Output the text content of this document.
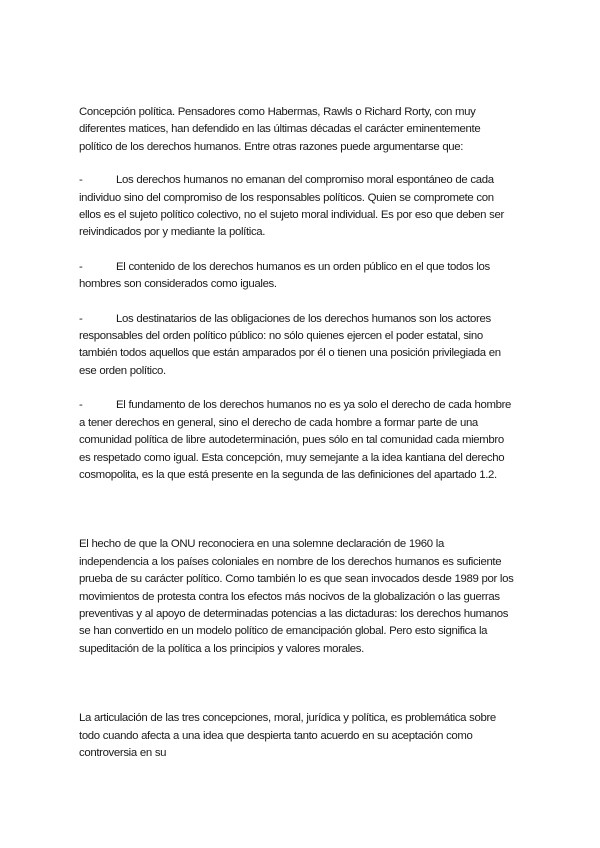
Concepción política. Pensadores como Habermas, Rawls o Richard Rorty, con muy diferentes matices, han defendido en las últimas décadas el carácter eminentemente político de los derechos humanos. Entre otras razones puede argumentarse que:

-	Los derechos humanos no emanan del compromiso moral espontáneo de cada individuo sino del compromiso de los responsables políticos. Quien se compromete con ellos es el sujeto político colectivo, no el sujeto moral individual. Es por eso que deben ser reivindicados por y mediante la política.

-	El contenido de los derechos humanos es un orden público en el que todos los hombres son considerados como iguales.

-	Los destinatarios de las obligaciones de los derechos humanos son los actores responsables del orden político público: no sólo quienes ejercen el poder estatal, sino también todos aquellos que están amparados por él o tienen una posición privilegiada en ese orden político.

-	El fundamento de los derechos humanos no es ya solo el derecho de cada hombre a tener derechos en general, sino el derecho de cada hombre a formar parte de una comunidad política de libre autodeterminación, pues sólo en tal comunidad cada miembro es respetado como igual. Esta concepción, muy semejante a la idea kantiana del derecho cosmopolita, es la que está presente en la segunda de las definiciones del apartado 1.2.

El hecho de que la ONU reconociera en una solemne declaración de 1960 la independencia a los países coloniales en nombre de los derechos humanos es suficiente prueba de su carácter político. Como también lo es que sean invocados desde 1989 por los movimientos de protesta contra los efectos más nocivos de la globalización o las guerras preventivas y al apoyo de determinadas potencias a las dictaduras: los derechos humanos se han convertido en un modelo político de emancipación global. Pero esto significa la supeditación de la política a los principios y valores morales.

La articulación de las tres concepciones, moral, jurídica y política, es problemática sobre todo cuando afecta a una idea que despierta tanto acuerdo en su aceptación como controversia en su
